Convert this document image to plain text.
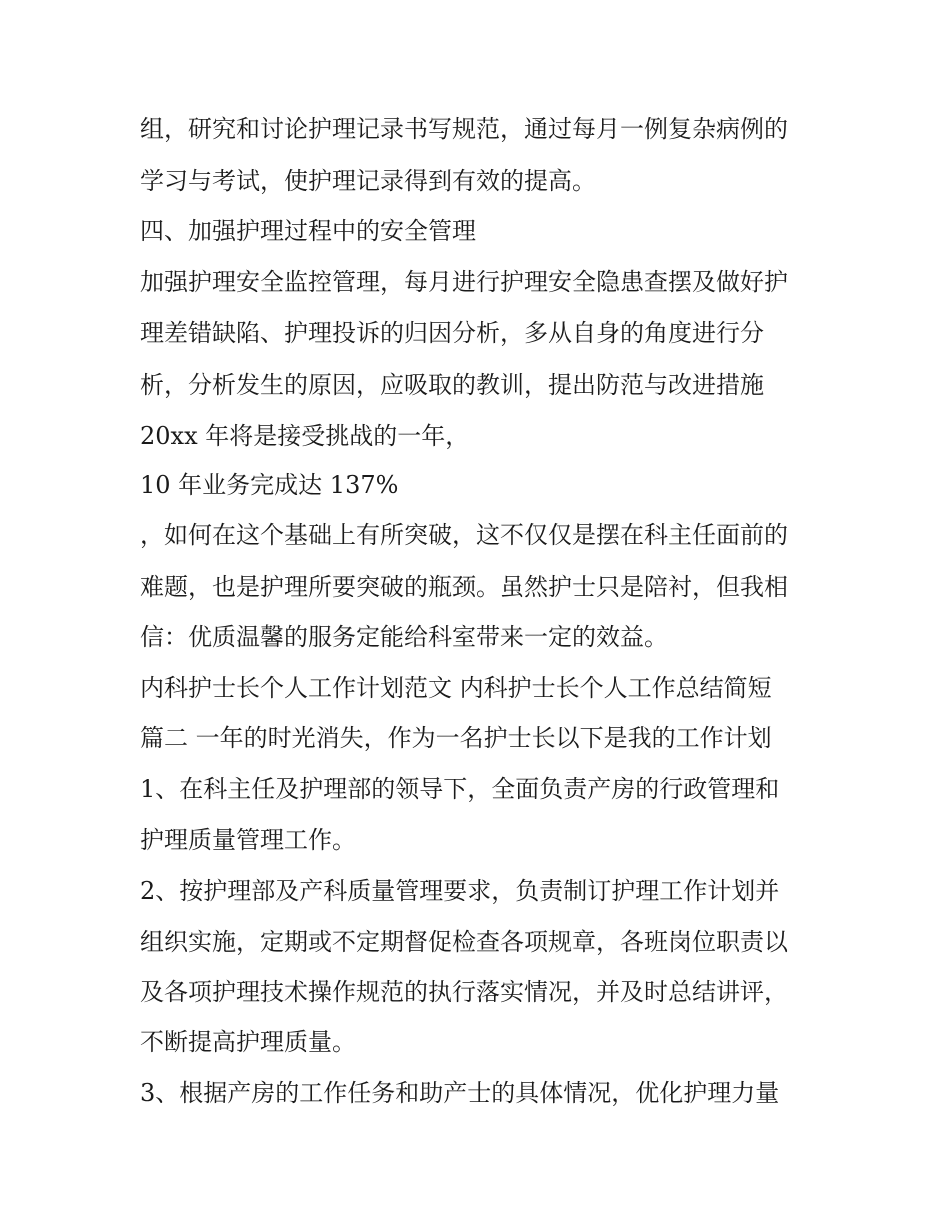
组，研究和讨论护理记录书写规范，通过每月一例复杂病例的

学习与考试，使护理记录得到有效的提高。

四、加强护理过程中的安全管理

加强护理安全监控管理，每月进行护理安全隐患查摆及做好护

理差错缺陷、护理投诉的归因分析，多从自身的角度进行分

析，分析发生的原因，应吸取的教训，提出防范与改进措施

20xx 年将是接受挑战的一年，

10 年业务完成达 137%

，如何在这个基础上有所突破，这不仅仅是摆在科主任面前的

难题，也是护理所要突破的瓶颈。虽然护士只是陪衬，但我相

信：优质温馨的服务定能给科室带来一定的效益。

内科护士长个人工作计划范文 内科护士长个人工作总结简短

篇二 一年的时光消失，作为一名护士长以下是我的工作计划

1、在科主任及护理部的领导下，全面负责产房的行政管理和

护理质量管理工作。

2、按护理部及产科质量管理要求，负责制订护理工作计划并

组织实施，定期或不定期督促检查各项规章，各班岗位职责以

及各项护理技术操作规范的执行落实情况，并及时总结讲评，

不断提高护理质量。

3、根据产房的工作任务和助产士的具体情况，优化护理力量
